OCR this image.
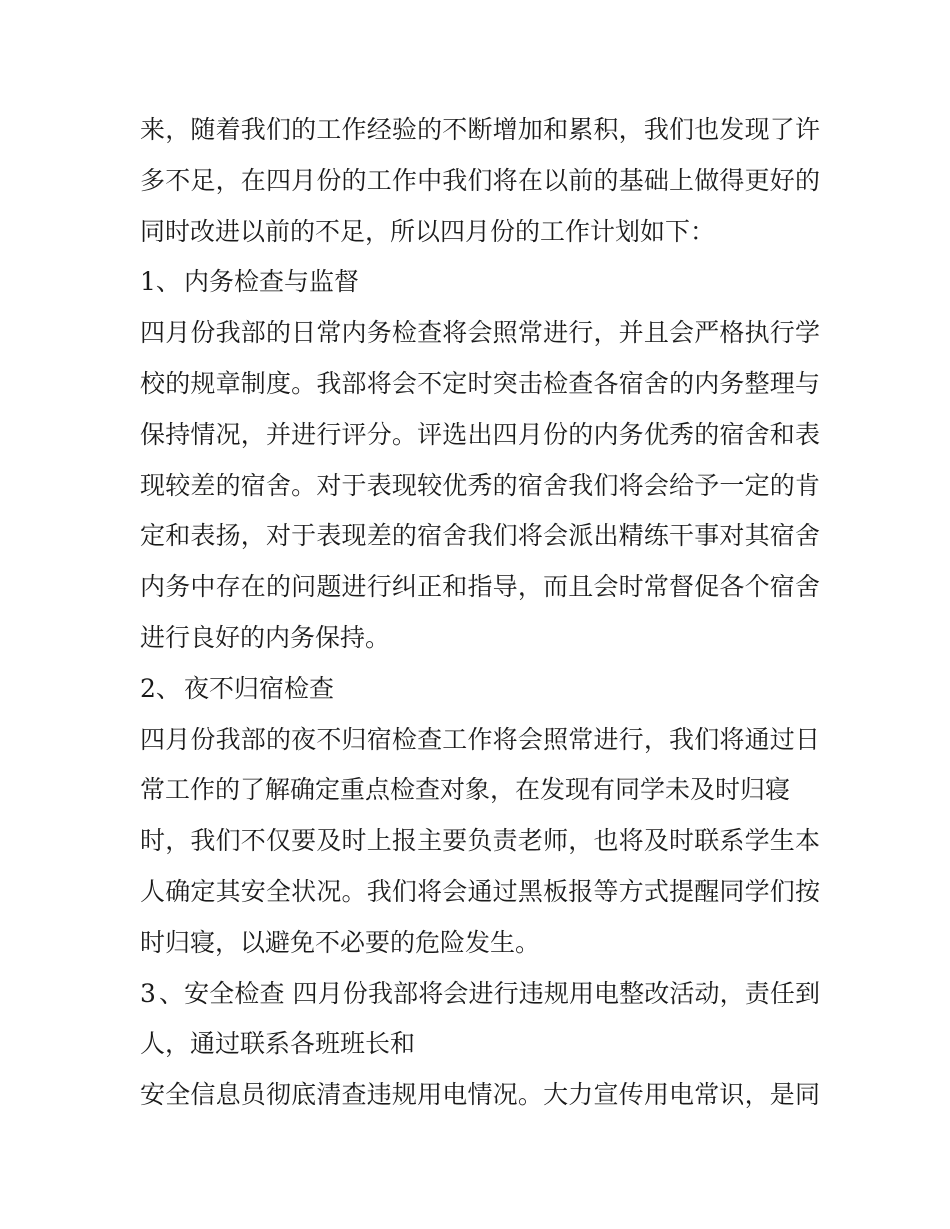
来，随着我们的工作经验的不断增加和累积，我们也发现了许
多不足，在四月份的工作中我们将在以前的基础上做得更好的
同时改进以前的不足，所以四月份的工作计划如下：
1、 内务检查与监督
四月份我部的日常内务检查将会照常进行，并且会严格执行学
校的规章制度。我部将会不定时突击检查各宿舍的内务整理与
保持情况，并进行评分。评选出四月份的内务优秀的宿舍和表
现较差的宿舍。对于表现较优秀的宿舍我们将会给予一定的肯
定和表扬，对于表现差的宿舍我们将会派出精练干事对其宿舍
内务中存在的问题进行纠正和指导，而且会时常督促各个宿舍
进行良好的内务保持。
2、 夜不归宿检查
四月份我部的夜不归宿检查工作将会照常进行，我们将通过日
常工作的了解确定重点检查对象，在发现有同学未及时归寝
时，我们不仅要及时上报主要负责老师，也将及时联系学生本
人确定其安全状况。我们将会通过黑板报等方式提醒同学们按
时归寝，以避免不必要的危险发生。
3、安全检查 四月份我部将会进行违规用电整改活动，责任到
人，通过联系各班班长和
安全信息员彻底清查违规用电情况。大力宣传用电常识，是同
